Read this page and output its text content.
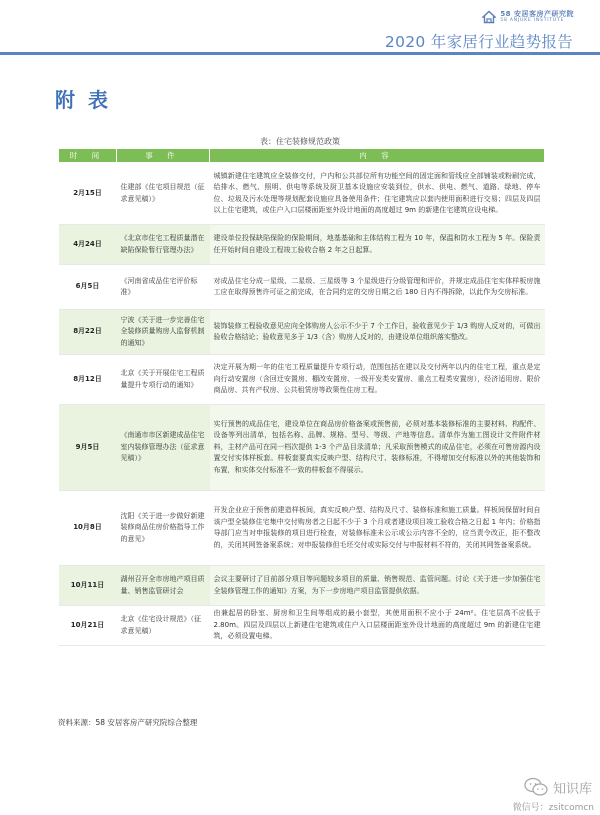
58 安居客房产研究院
58 ANJUKE INSTITUTE
2020 年家居行业趋势报告
附 表
表：住宅装修规范政策
时 间	事 件	内 容
2月15日	住建部《住宅项目规范（征求意见稿）》	城镇新建住宅建筑应全装修交付，户内和公共部位所有功能空间的固定面和管线应全部铺装或粉刷完成，给排水、燃气、照明、供电等系统及厨卫基本设施应安装到位，供水、供电、燃气、道路、绿地、停车位、垃圾及污水处理等规划配套设施应具备使用条件；住宅建筑应以套内使用面积进行交易；四层及四层以上住宅建筑，或住户入口层楼面距室外设计地面的高度超过 9m 的新建住宅建筑应设电梯。
4月24日	《北京市住宅工程质量潜在缺陷保险暂行管理办法》	建设单位投保缺陷保险的保险期间，地基基础和主体结构工程为 10 年，保温和防水工程为 5 年。保险责任开始时间自建设工程竣工验收合格 2 年之日起算。
6月5日	《河南省成品住宅评价标准》	对成品住宅分成一星级、二星级、三星级等 3 个星级进行分级管理和评价，并规定成品住宅实体样板房施工应在取得预售许可证之前完成，在合同约定的交房日期之后 180 日内不得拆除，以此作为交房标准。
8月22日	宁波《关于进一步完善住宅全装修质量购房人监督机制的通知》	装饰装修工程验收意见应向全体购房人公示不少于 7 个工作日，验收意见少于 1/3 购房人反对的，可做出验收合格结论；验收意见多于 1/3（含）购房人反对的，由建设单位组织落实整改。
8月12日	北京《关于开展住宅工程质量提升专项行动的通知》	决定开展为期一年的住宅工程质量提升专项行动，范围包括在建以及交付两年以内的住宅工程，重点是定向行动安置房（含回迁安置房、棚改安置房、一级开发类安置房、重点工程类安置房），经济适用房、限价商品房、共有产权房、公共租赁房等政策性住房工程。
9月5日	《南通市市区新建成品住宅室内装修管理办法（征求意见稿）》	实行预售的成品住宅，建设单位在商品房价格备案或预售前，必须对基本装修标准的主要材料、构配件、设备等列出清单，包括名称、品牌、规格、型号、等级、产地等信息。清单作为施工图设计文件附件材料，主材产品可在同一档次提供 1-3 个产品目录清单；凡采取预售模式的成品住宅，必须在可售房源内设置交付实体样板套。样板套要真实反映户型、结构尺寸、装修标准，不得增加交付标准以外的其他装饰和布置，和实体交付标准不一致的样板套不得展示。
10月8日	沈阳《关于进一步做好新建装修商品住房价格指导工作的意见》	开发企业应于预售前建造样板间，真实反映户型、结构及尺寸、装修标准和施工质量。样板间保留时间自该户型全装修住宅集中交付购房者之日起不少于 3 个月或者建设项目竣工验收合格之日起 1 年内；价格指导部门应当对申报装修的项目进行检查，对装修标准未公示或公示内容不全的，应当责令改正，拒不整改的，关闭其网签备案系统；对申报装修但毛坯交付或实际交付与申报材料不符的，关闭其网签备案系统。
10月11日	湖州召开全市房地产项目质量、销售监管研讨会	会议主要研讨了目前部分项目等问题较多项目的质量、销售规范、监管问题。讨论《关于进一步加强住宅全装修管理工作的通知》方案，为下一步房地产项目监管提供依据。
10月21日	北京《住宅设计规范》（征求意见稿）	由兼起居的卧室、厨房和卫生间等组成的最小套型，其使用面积不应小于 24m²。住宅层高不应低于 2.80m。四层及四层以上新建住宅建筑或住户入口层楼面距室外设计地面的高度超过 9m 的新建住宅建筑，必须设置电梯。
资料来源：58 安居客房产研究院综合整理
知识库
微信号：zsitcomcn
